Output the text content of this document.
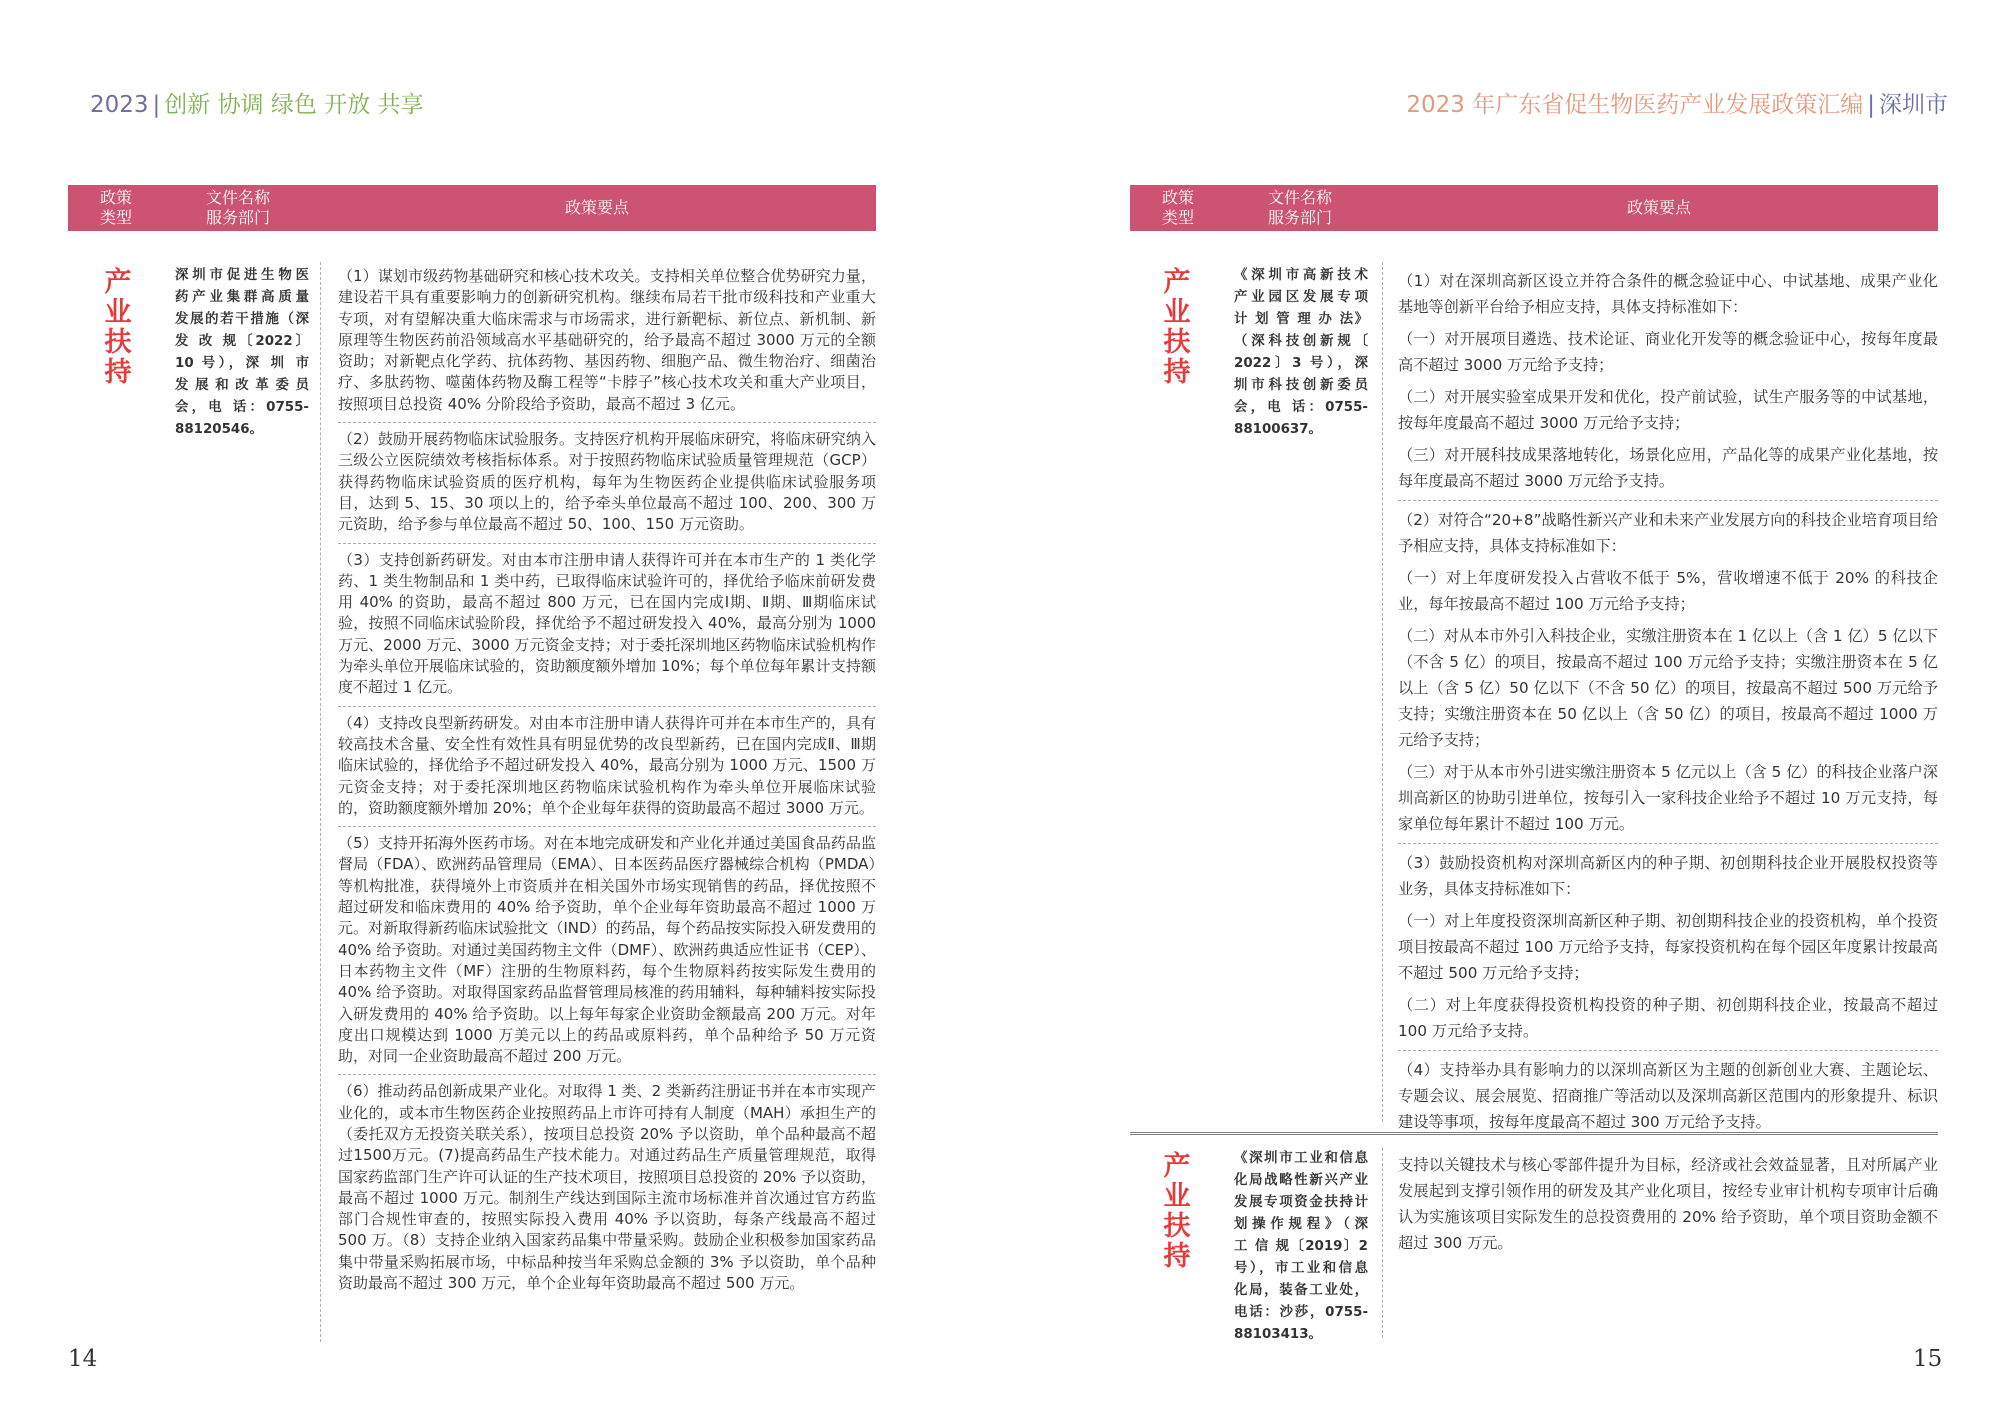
2023 | 创新 协调 绿色 开放 共享	2023 年广东省促生物医药产业发展政策汇编 | 深圳市
政策
类型
文件名称
服务部门
政策要点
产业扶持
深圳市促进生物医
药产业集群高质量
发展的若干措施（深
发 改 规〔2022〕
10 号），深 圳 市
发 展 和 改 革 委 员
会，电 话：0755-
88120546。
（1）谋划市级药物基础研究和核心技术攻关。支持相关单位整合优势研究力量，建设若干具有重要影响力的创新研究机构。继续布局若干批市级科技和产业重大专项，对有望解决重大临床需求与市场需求，进行新靶标、新位点、新机制、新原理等生物医药前沿领域高水平基础研究的，给予最高不超过 3000 万元的全额资助；对新靶点化学药、抗体药物、基因药物、细胞产品、微生物治疗、细菌治疗、多肽药物、噬菌体药物及酶工程等“卡脖子”核心技术攻关和重大产业项目，按照项目总投资 40% 分阶段给予资助，最高不超过 3 亿元。
（2）鼓励开展药物临床试验服务。支持医疗机构开展临床研究，将临床研究纳入三级公立医院绩效考核指标体系。对于按照药物临床试验质量管理规范（GCP）获得药物临床试验资质的医疗机构，每年为生物医药企业提供临床试验服务项目，达到 5、15、30 项以上的，给予牵头单位最高不超过 100、200、300 万元资助，给予参与单位最高不超过 50、100、150 万元资助。
（3）支持创新药研发。对由本市注册申请人获得许可并在本市生产的 1 类化学药、1 类生物制品和 1 类中药，已取得临床试验许可的，择优给予临床前研发费用 40% 的资助，最高不超过 800 万元，已在国内完成Ⅰ期、Ⅱ期、Ⅲ期临床试验，按照不同临床试验阶段，择优给予不超过研发投入 40%，最高分别为 1000 万元、2000 万元、3000 万元资金支持；对于委托深圳地区药物临床试验机构作为牵头单位开展临床试验的，资助额度额外增加 10%；每个单位每年累计支持额度不超过 1 亿元。
（4）支持改良型新药研发。对由本市注册申请人获得许可并在本市生产的，具有较高技术含量、安全性有效性具有明显优势的改良型新药，已在国内完成Ⅱ、Ⅲ期临床试验的，择优给予不超过研发投入 40%，最高分别为 1000 万元、1500 万元资金支持；对于委托深圳地区药物临床试验机构作为牵头单位开展临床试验的，资助额度额外增加 20%；单个企业每年获得的资助最高不超过 3000 万元。
（5）支持开拓海外医药市场。对在本地完成研发和产业化并通过美国食品药品监督局（FDA）、欧洲药品管理局（EMA）、日本医药品医疗器械综合机构（PMDA）等机构批准，获得境外上市资质并在相关国外市场实现销售的药品，择优按照不超过研发和临床费用的 40% 给予资助，单个企业每年资助最高不超过 1000 万元。对新取得新药临床试验批文（IND）的药品，每个药品按实际投入研发费用的 40% 给予资助。对通过美国药物主文件（DMF）、欧洲药典适应性证书（CEP）、日本药物主文件（MF）注册的生物原料药，每个生物原料药按实际发生费用的 40% 给予资助。对取得国家药品监督管理局核准的药用辅料，每种辅料按实际投入研发费用的 40% 给予资助。以上每年每家企业资助金额最高 200 万元。对年度出口规模达到 1000 万美元以上的药品或原料药，单个品种给予 50 万元资助，对同一企业资助最高不超过 200 万元。
（6）推动药品创新成果产业化。对取得 1 类、2 类新药注册证书并在本市实现产业化的，或本市生物医药企业按照药品上市许可持有人制度（MAH）承担生产的（委托双方无投资关联关系），按项目总投资 20% 予以资助，单个品种最高不超过1500万元。(7)提高药品生产技术能力。对通过药品生产质量管理规范，取得国家药监部门生产许可认证的生产技术项目，按照项目总投资的 20% 予以资助，最高不超过 1000 万元。制剂生产线达到国际主流市场标准并首次通过官方药监部门合规性审查的，按照实际投入费用 40% 予以资助，每条产线最高不超过 500 万。（8）支持企业纳入国家药品集中带量采购。鼓励企业积极参加国家药品集中带量采购拓展市场，中标品种按当年采购总金额的 3% 予以资助，单个品种资助最高不超过 300 万元，单个企业每年资助最高不超过 500 万元。
14
政策
类型
文件名称
服务部门
政策要点
产业扶持
《深圳市高新技术
产业园区发展专项
计 划 管 理 办 法》
（深科技创新规〔
2022〕3 号），深
圳市科技创新委员
会，电 话：0755-
88100637。
（1）对在深圳高新区设立并符合条件的概念验证中心、中试基地、成果产业化基地等创新平台给予相应支持，具体支持标准如下：
（一）对开展项目遴选、技术论证、商业化开发等的概念验证中心，按每年度最高不超过 3000 万元给予支持；
（二）对开展实验室成果开发和优化，投产前试验，试生产服务等的中试基地，按每年度最高不超过 3000 万元给予支持；
（三）对开展科技成果落地转化，场景化应用，产品化等的成果产业化基地，按每年度最高不超过 3000 万元给予支持。
（2）对符合“20+8”战略性新兴产业和未来产业发展方向的科技企业培育项目给予相应支持，具体支持标准如下：
（一）对上年度研发投入占营收不低于 5%，营收增速不低于 20% 的科技企业，每年按最高不超过 100 万元给予支持；
（二）对从本市外引入科技企业，实缴注册资本在 1 亿以上（含 1 亿）5 亿以下（不含 5 亿）的项目，按最高不超过 100 万元给予支持；实缴注册资本在 5 亿以上（含 5 亿）50 亿以下（不含 50 亿）的项目，按最高不超过 500 万元给予支持；实缴注册资本在 50 亿以上（含 50 亿）的项目，按最高不超过 1000 万元给予支持；
（三）对于从本市外引进实缴注册资本 5 亿元以上（含 5 亿）的科技企业落户深圳高新区的协助引进单位，按每引入一家科技企业给予不超过 10 万元支持，每家单位每年累计不超过 100 万元。
（3）鼓励投资机构对深圳高新区内的种子期、初创期科技企业开展股权投资等业务，具体支持标准如下：
（一）对上年度投资深圳高新区种子期、初创期科技企业的投资机构，单个投资项目按最高不超过 100 万元给予支持，每家投资机构在每个园区年度累计按最高不超过 500 万元给予支持；
（二）对上年度获得投资机构投资的种子期、初创期科技企业，按最高不超过 100 万元给予支持。
（4）支持举办具有影响力的以深圳高新区为主题的创新创业大赛、主题论坛、专题会议、展会展览、招商推广等活动以及深圳高新区范围内的形象提升、标识建设等事项，按每年度最高不超过 300 万元给予支持。
产业扶持
《深圳市工业和信息
化局战略性新兴产业
发展专项资金扶持计
划操作规程》（深
工 信 规〔2019〕2
号），市工业和信息
化局，装备工业处，
电话：沙莎，0755-
88103413。
支持以关键技术与核心零部件提升为目标，经济或社会效益显著，且对所属产业发展起到支撑引领作用的研发及其产业化项目，按经专业审计机构专项审计后确认为实施该项目实际发生的总投资费用的 20% 给予资助，单个项目资助金额不超过 300 万元。
15
